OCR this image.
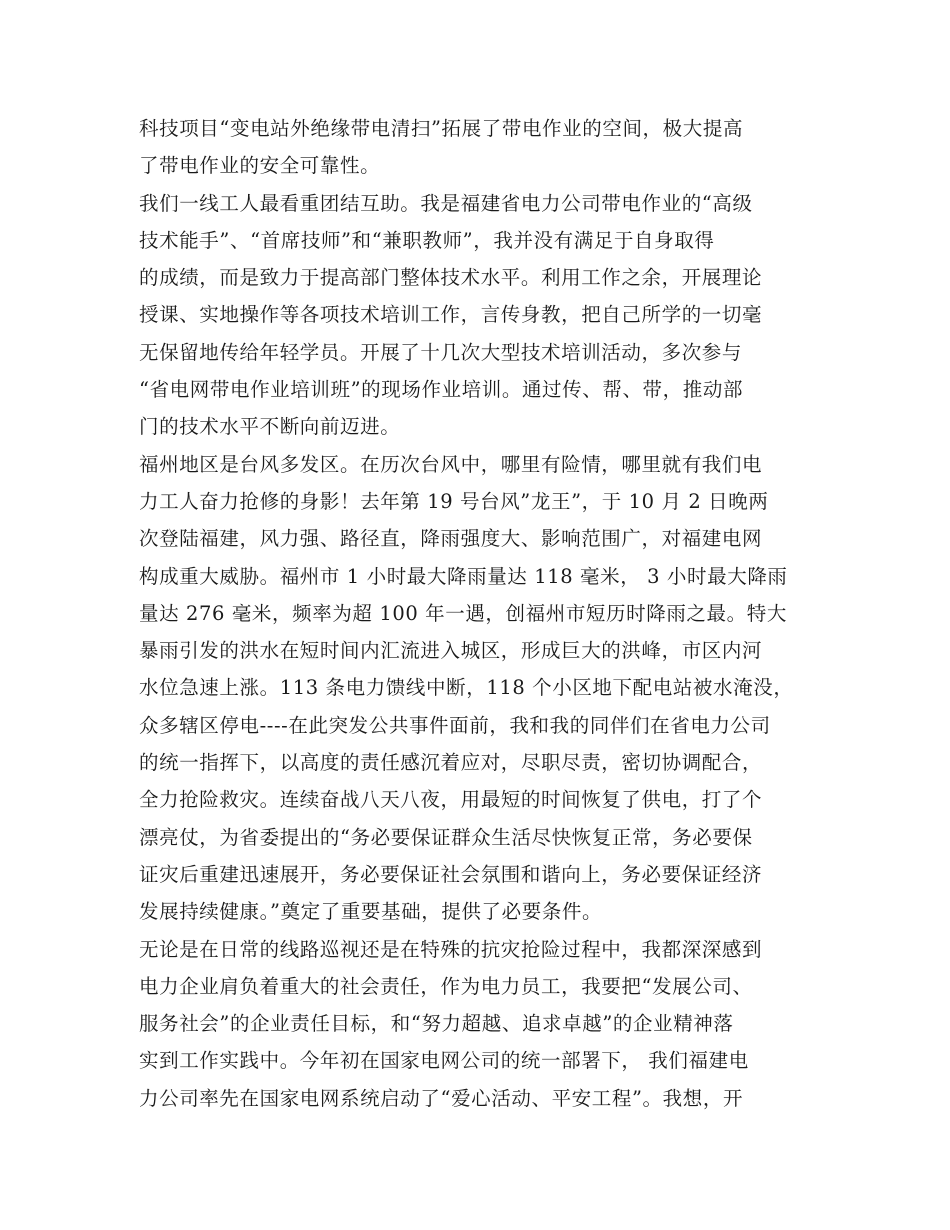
科技项目“变电站外绝缘带电清扫”拓展了带电作业的空间，极大提高
了带电作业的安全可靠性。
我们一线工人最看重团结互助。我是福建省电力公司带电作业的“高级
技术能手”、“首席技师”和“兼职教师”，我并没有满足于自身取得
的成绩，而是致力于提高部门整体技术水平。利用工作之余，开展理论
授课、实地操作等各项技术培训工作，言传身教，把自己所学的一切毫
无保留地传给年轻学员。开展了十几次大型技术培训活动，多次参与
“省电网带电作业培训班”的现场作业培训。通过传、帮、带，推动部
门的技术水平不断向前迈进。
福州地区是台风多发区。在历次台风中，哪里有险情，哪里就有我们电
力工人奋力抢修的身影！去年第 19 号台风”龙王”，于 10 月 2 日晚两
次登陆福建，风力强、路径直，降雨强度大、影响范围广，对福建电网
构成重大威胁。福州市 1 小时最大降雨量达 118 毫米， 3 小时最大降雨
量达 276 毫米，频率为超 100 年一遇，创福州市短历时降雨之最。特大
暴雨引发的洪水在短时间内汇流进入城区，形成巨大的洪峰，市区内河
水位急速上涨。113 条电力馈线中断，118 个小区地下配电站被水淹没，
众多辖区停电----在此突发公共事件面前，我和我的同伴们在省电力公司
的统一指挥下，以高度的责任感沉着应对，尽职尽责，密切协调配合，
全力抢险救灾。连续奋战八天八夜，用最短的时间恢复了供电，打了个
漂亮仗，为省委提出的“务必要保证群众生活尽快恢复正常，务必要保
证灾后重建迅速展开，务必要保证社会氛围和谐向上，务必要保证经济
发展持续健康。”奠定了重要基础，提供了必要条件。
无论是在日常的线路巡视还是在特殊的抗灾抢险过程中，我都深深感到
电力企业肩负着重大的社会责任，作为电力员工，我要把“发展公司、
服务社会”的企业责任目标，和“努力超越、追求卓越”的企业精神落
实到工作实践中。今年初在国家电网公司的统一部署下， 我们福建电
力公司率先在国家电网系统启动了“爱心活动、平安工程”。我想，开
